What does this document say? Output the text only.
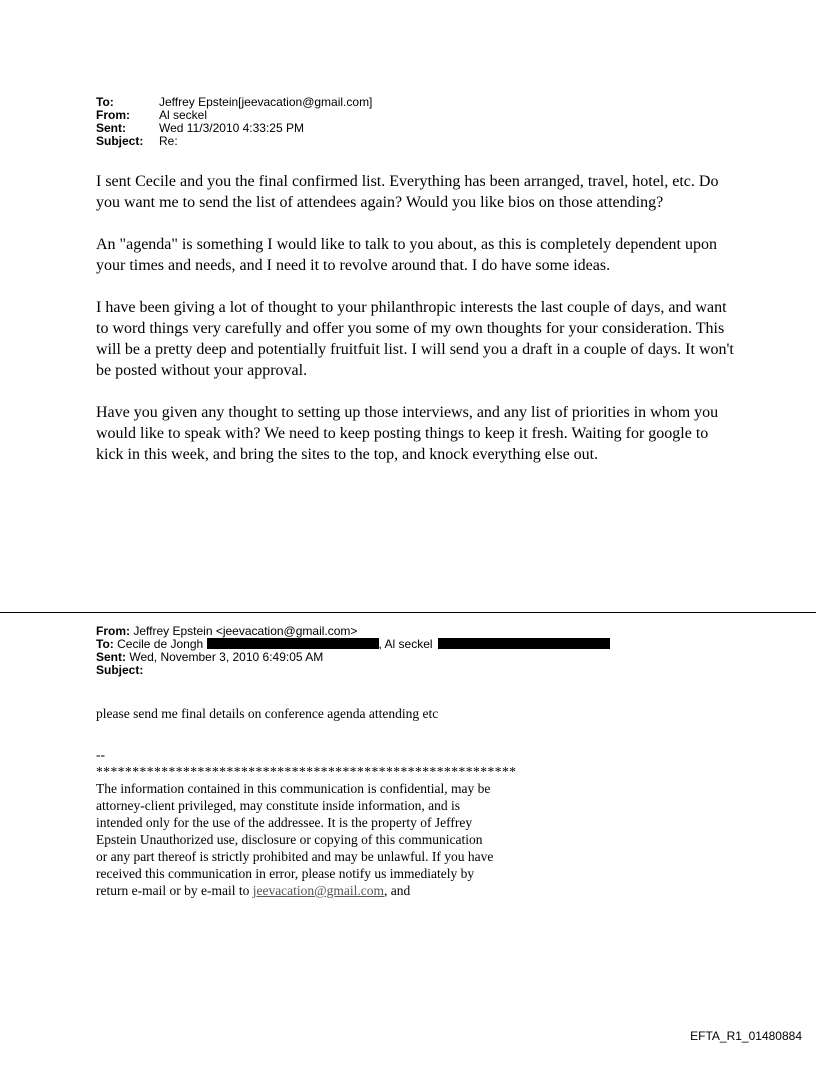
To:	Jeffrey Epstein[jeevacation@gmail.com]
From:	Al seckel
Sent:	Wed 11/3/2010 4:33:25 PM
Subject:	Re:

I sent Cecile and you the final confirmed list. Everything has been arranged, travel, hotel, etc. Do you want me to send the list of attendees again? Would you like bios on those attending?

An "agenda" is something I would like to talk to you about, as this is completely dependent upon your times and needs, and I need it to revolve around that. I do have some ideas.

I have been giving a lot of thought to your philanthropic interests the last couple of days, and want to word things very carefully and offer you some of my own thoughts for your consideration. This will be a pretty deep and potentially fruitfuit list. I will send you a draft in a couple of days. It won't be posted without your approval.

Have you given any thought to setting up those interviews, and any list of priorities in whom you would like to speak with? We need to keep posting things to keep it fresh. Waiting for google to kick in this week, and bring the sites to the top, and knock everything else out.

From: Jeffrey Epstein <jeevacation@gmail.com>
To: Cecile de Jongh	, Al seckel
Sent: Wed, November 3, 2010 6:49:05 AM
Subject:
please send me final details on conference agenda attending etc
--
**********************************************************
The information contained in this communication is confidential, may be attorney-client privileged, may constitute inside information, and is intended only for the use of the addressee. It is the property of Jeffrey Epstein Unauthorized use, disclosure or copying of this communication or any part thereof is strictly prohibited and may be unlawful. If you have received this communication in error, please notify us immediately by return e-mail or by e-mail to jeevacation@gmail.com, and
EFTA_R1_01480884
